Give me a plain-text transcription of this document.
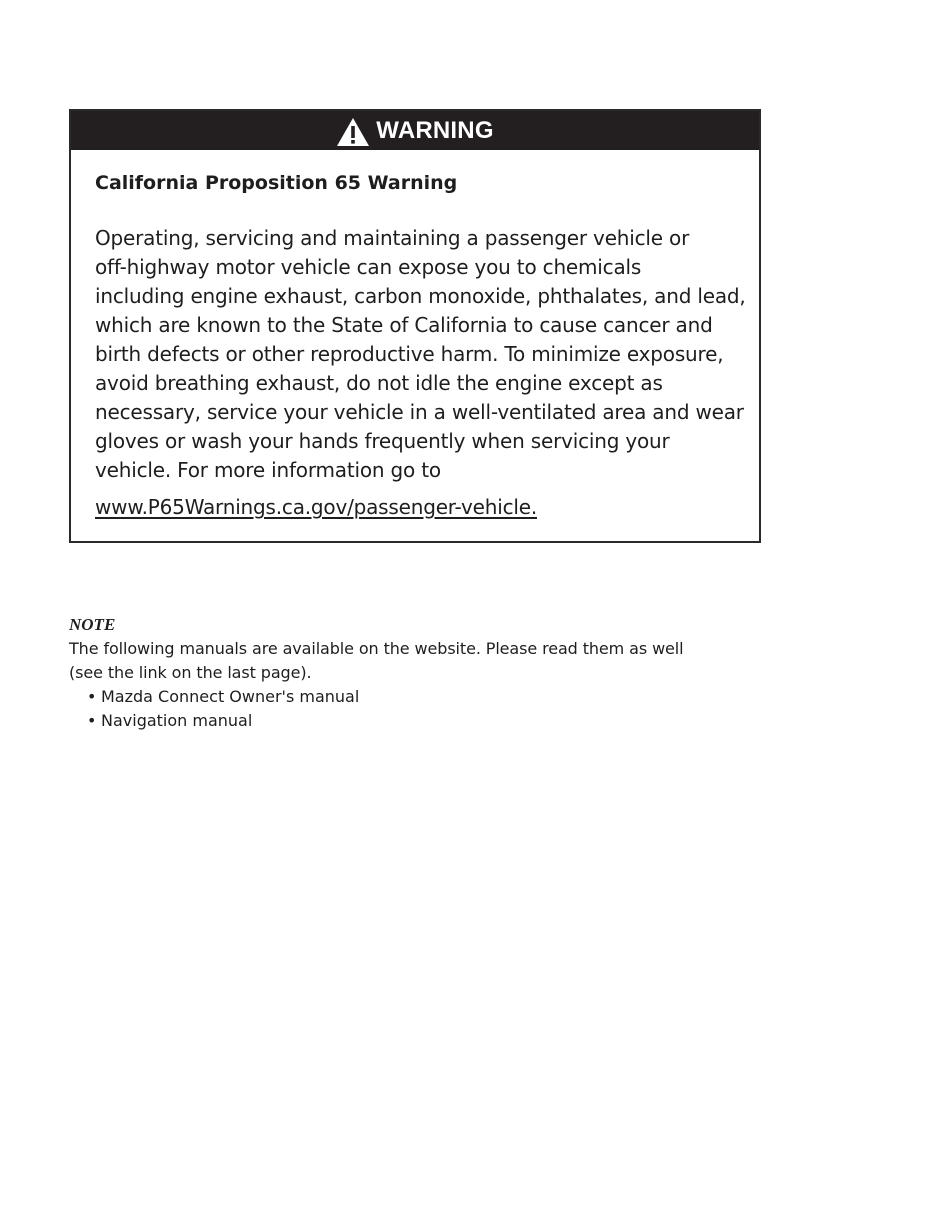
WARNING
California Proposition 65 Warning
Operating, servicing and maintaining a passenger vehicle or
off-highway motor vehicle can expose you to chemicals
including engine exhaust, carbon monoxide, phthalates, and lead,
which are known to the State of California to cause cancer and
birth defects or other reproductive harm. To minimize exposure,
avoid breathing exhaust, do not idle the engine except as
necessary, service your vehicle in a well-ventilated area and wear
gloves or wash your hands frequently when servicing your
vehicle. For more information go to
www.P65Warnings.ca.gov/passenger-vehicle.
NOTE
The following manuals are available on the website. Please read them as well
(see the link on the last page).
• Mazda Connect Owner's manual
• Navigation manual
